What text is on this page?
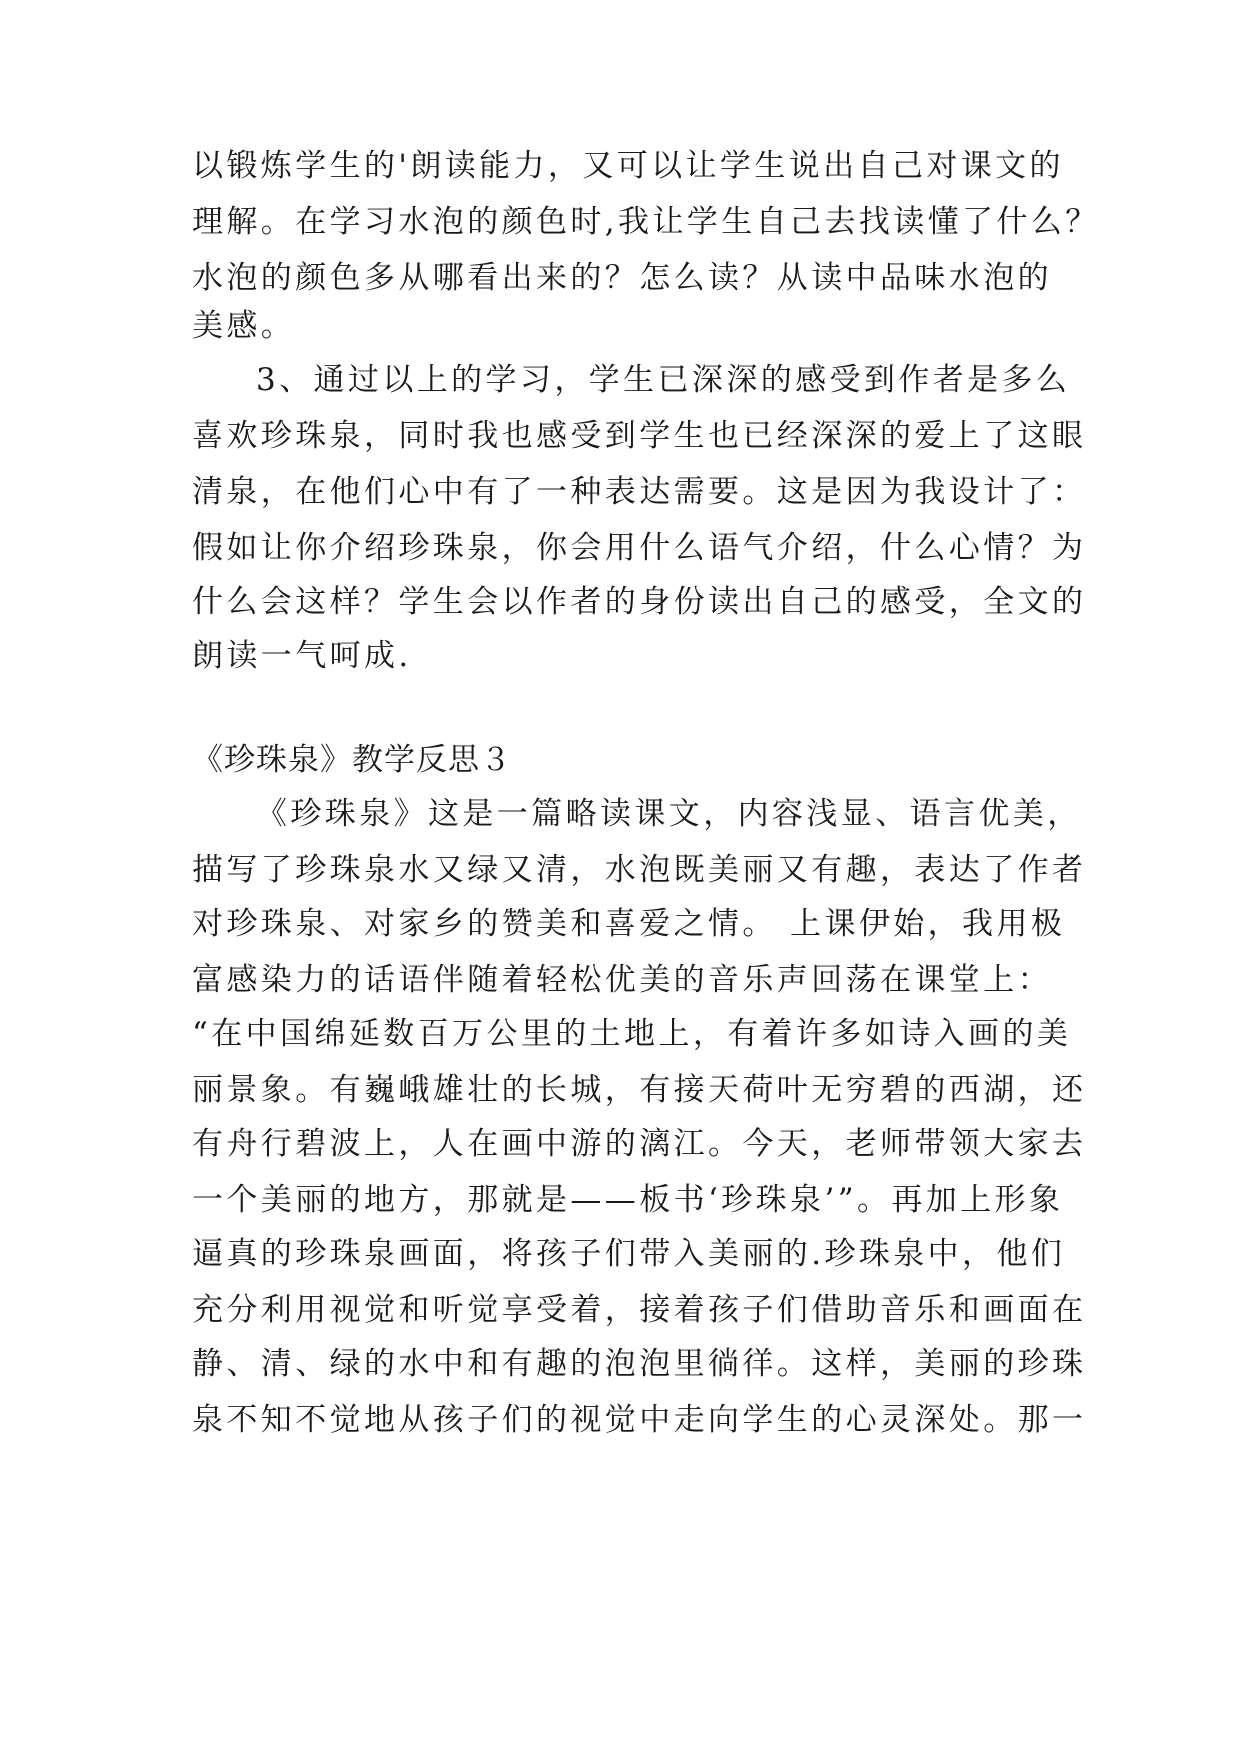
以锻炼学生的'朗读能力，又可以让学生说出自己对课文的
理解。在学习水泡的颜色时,我让学生自己去找读懂了什么？
水泡的颜色多从哪看出来的？怎么读？从读中品味水泡的
美感。
3、通过以上的学习，学生已深深的感受到作者是多么
喜欢珍珠泉，同时我也感受到学生也已经深深的爱上了这眼
清泉，在他们心中有了一种表达需要。这是因为我设计了：
假如让你介绍珍珠泉，你会用什么语气介绍，什么心情？为
什么会这样？学生会以作者的身份读出自己的感受，全文的
朗读一气呵成.
《珍珠泉》教学反思３
《珍珠泉》这是一篇略读课文，内容浅显、语言优美，
描写了珍珠泉水又绿又清，水泡既美丽又有趣，表达了作者
对珍珠泉、对家乡的赞美和喜爱之情。 上课伊始，我用极
富感染力的话语伴随着轻松优美的音乐声回荡在课堂上：
“在中国绵延数百万公里的土地上，有着许多如诗入画的美
丽景象。有巍峨雄壮的长城，有接天荷叶无穷碧的西湖，还
有舟行碧波上，人在画中游的漓江。今天，老师带领大家去
一个美丽的地方，那就是——板书‘珍珠泉’”。再加上形象
逼真的珍珠泉画面，将孩子们带入美丽的.珍珠泉中，他们
充分利用视觉和听觉享受着，接着孩子们借助音乐和画面在
静、清、绿的水中和有趣的泡泡里徜徉。这样，美丽的珍珠
泉不知不觉地从孩子们的视觉中走向学生的心灵深处。那一
